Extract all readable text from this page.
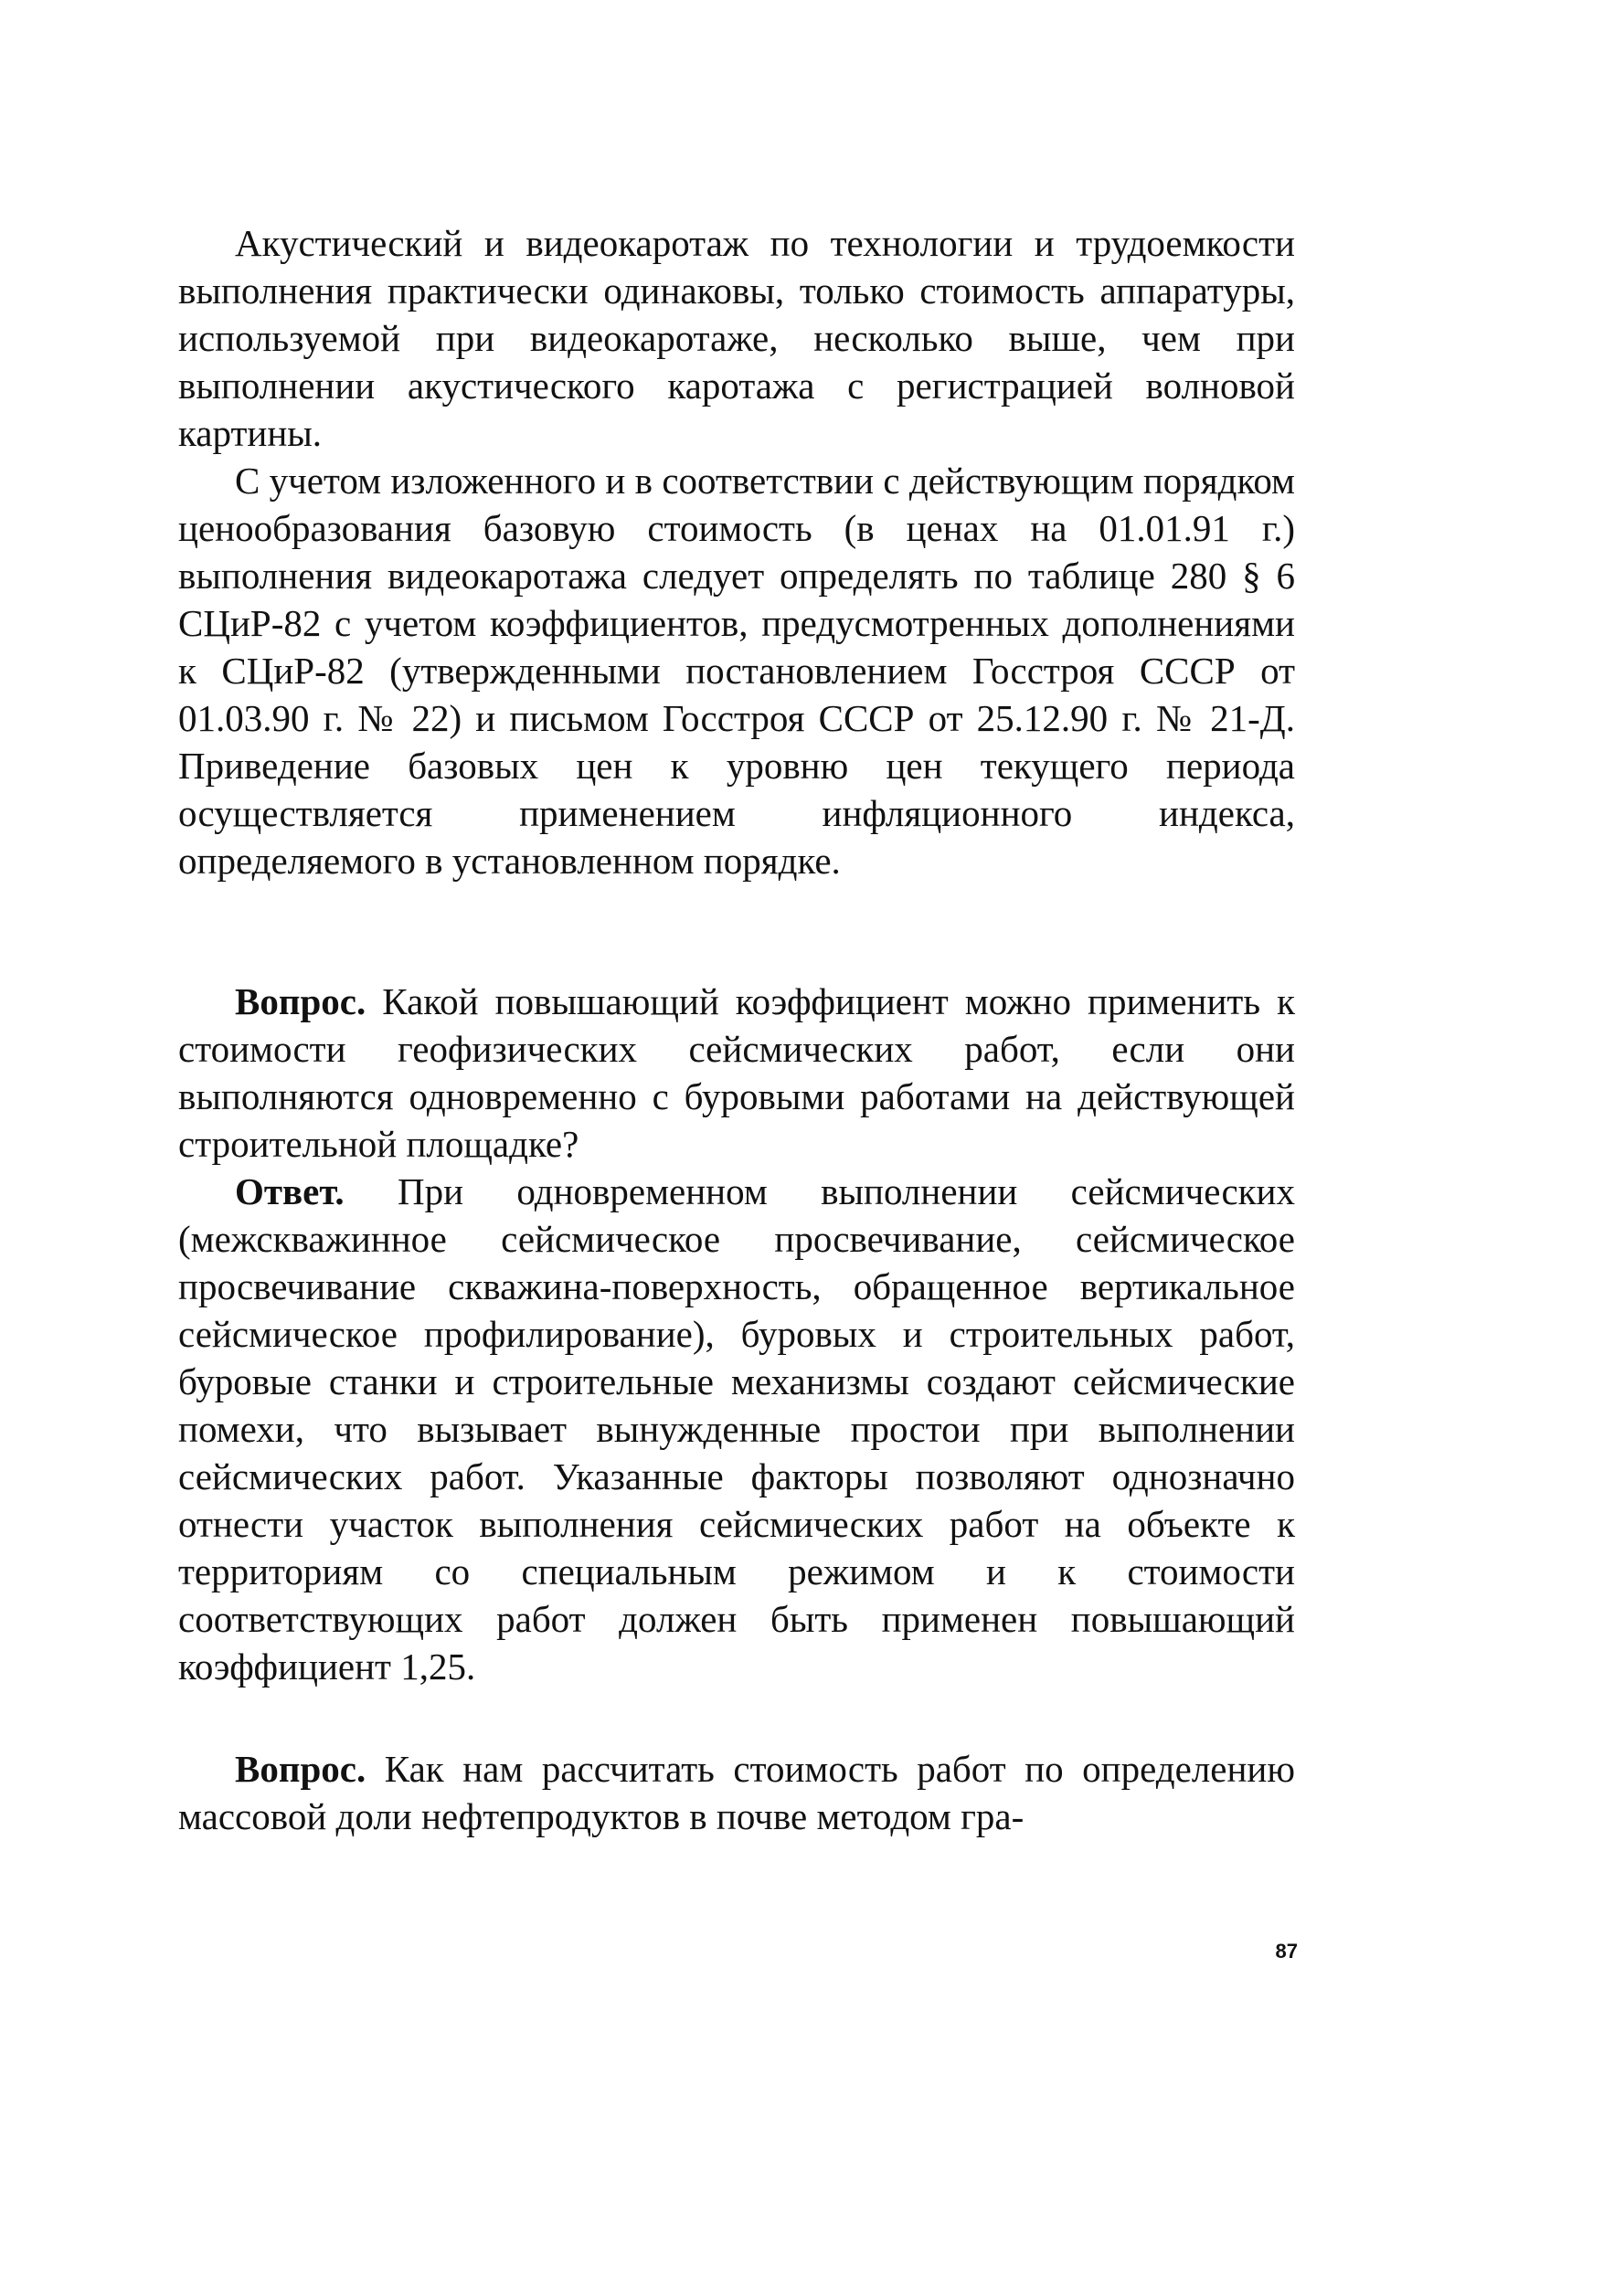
Акустический и видеокаротаж по технологии и трудоемкости выполнения практически одинаковы, только стоимость аппаратуры, используемой при видеокаротаже, несколько выше, чем при выполнении акустического каротажа с регистрацией волновой картины.

С учетом изложенного и в соответствии с действующим порядком ценообразования базовую стоимость (в ценах на 01.01.91 г.) выполнения видеокаротажа следует определять по таблице 280 § 6 СЦиР-82 с учетом коэффициентов, предусмотренных дополнениями к СЦиР-82 (утвержденными постановлением Госстроя СССР от 01.03.90 г. № 22) и письмом Госстроя СССР от 25.12.90 г. № 21-Д. Приведение базовых цен к уровню цен текущего периода осуществляется применением инфляционного индекса, определяемого в установленном порядке.

Вопрос. Какой повышающий коэффициент можно применить к стоимости геофизических сейсмических работ, если они выполняются одновременно с буровыми работами на действующей строительной площадке?

Ответ. При одновременном выполнении сейсмических (межскважинное сейсмическое просвечивание, сейсмическое просвечивание скважина-поверхность, обращенное вертикальное сейсмическое профилирование), буровых и строительных работ, буровые станки и строительные механизмы создают сейсмические помехи, что вызывает вынужденные простои при выполнении сейсмических работ. Указанные факторы позволяют однозначно отнести участок выполнения сейсмических работ на объекте к территориям со специальным режимом и к стоимости соответствующих работ должен быть применен повышающий коэффициент 1,25.

Вопрос. Как нам рассчитать стоимость работ по определению массовой доли нефтепродуктов в почве методом гра-

87
